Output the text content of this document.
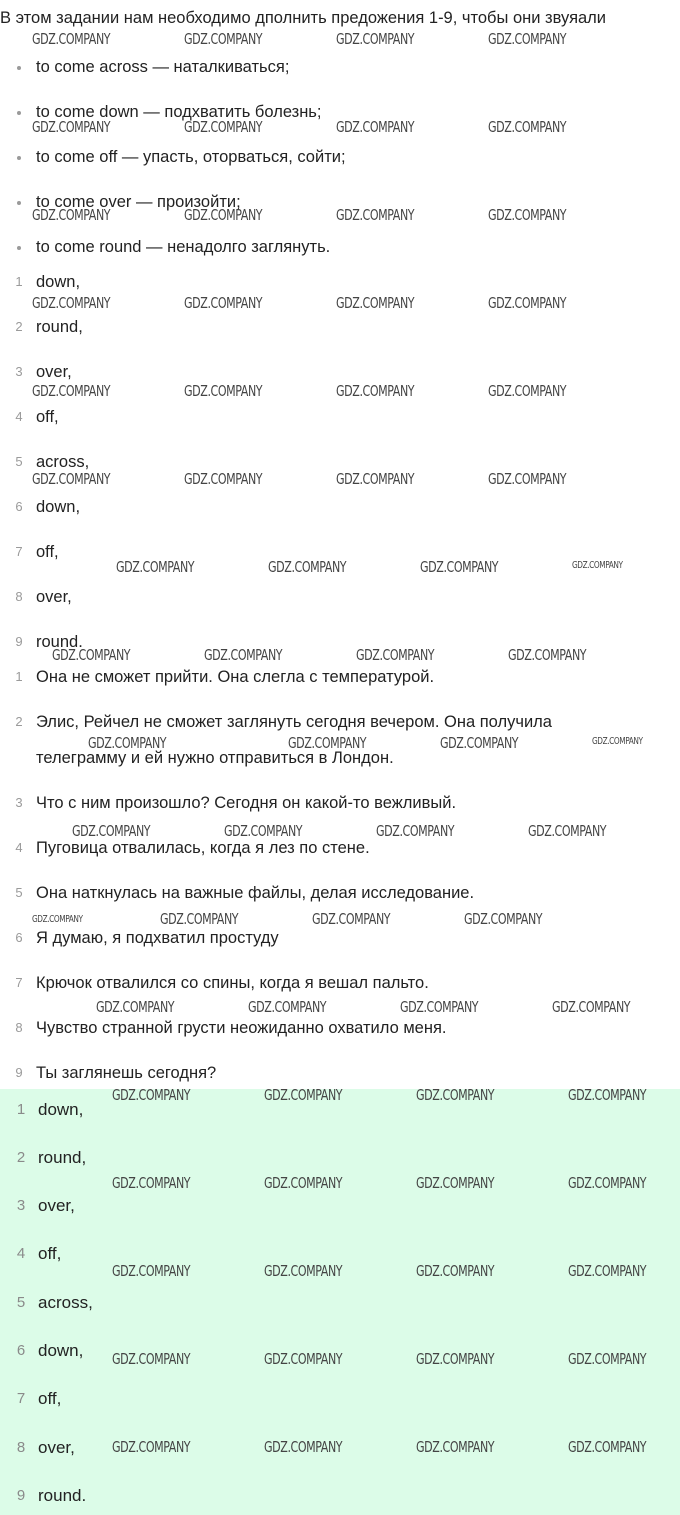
В этом задании нам необходимо дполнить предожения 1-9, чтобы они звуяали
to come across — наталкиваться;
to come down — подхватить болезнь;
to come off — упасть, оторваться, сойти;
to come over — произойти;
to come round — ненадолго заглянуть.
1 down,
2 round,
3 over,
4 off,
5 across,
6 down,
7 off,
8 over,
9 round.
1 Она не сможет прийти. Она слегла с температурой.
2 Элис, Рейчел не сможет заглянуть сегодня вечером. Она получила
телеграмму и ей нужно отправиться в Лондон.
3 Что с ним произошло? Сегодня он какой-то вежливый.
4 Пуговица отвалилась, когда я лез по стене.
5 Она наткнулась на важные файлы, делая исследование.
6 Я думаю, я подхватил простуду
7 Крючок отвалился со спины, когда я вешал пальто.
8 Чувство странной грусти неожиданно охватило меня.
9 Ты заглянешь сегодня?
1 down,
2 round,
3 over,
4 off,
5 across,
6 down,
7 off,
8 over,
9 round.
GDZ.COMPANY	GDZ.COMPANY	GDZ.COMPANY	GDZ.COMPANY
GDZ.COMPANY	GDZ.COMPANY	GDZ.COMPANY	GDZ.COMPANY
GDZ.COMPANY	GDZ.COMPANY	GDZ.COMPANY	GDZ.COMPANY
GDZ.COMPANY	GDZ.COMPANY	GDZ.COMPANY	GDZ.COMPANY
GDZ.COMPANY	GDZ.COMPANY	GDZ.COMPANY	GDZ.COMPANY
GDZ.COMPANY	GDZ.COMPANY	GDZ.COMPANY	GDZ.COMPANY
GDZ.COMPANY	GDZ.COMPANY	GDZ.COMPANY	GDZ.COMPANY
GDZ.COMPANY	GDZ.COMPANY	GDZ.COMPANY	GDZ.COMPANY
GDZ.COMPANY	GDZ.COMPANY	GDZ.COMPANY	GDZ.COMPANY
GDZ.COMPANY	GDZ.COMPANY	GDZ.COMPANY	GDZ.COMPANY
GDZ.COMPANY	GDZ.COMPANY	GDZ.COMPANY	GDZ.COMPANY
GDZ.COMPANY	GDZ.COMPANY	GDZ.COMPANY	GDZ.COMPANY
GDZ.COMPANY	GDZ.COMPANY	GDZ.COMPANY	GDZ.COMPANY
GDZ.COMPANY	GDZ.COMPANY	GDZ.COMPANY	GDZ.COMPANY
GDZ.COMPANY	GDZ.COMPANY	GDZ.COMPANY	GDZ.COMPANY
GDZ.COMPANY	GDZ.COMPANY	GDZ.COMPANY	GDZ.COMPANY
GDZ.COMPANY	GDZ.COMPANY	GDZ.COMPANY	GDZ.COMPANY
